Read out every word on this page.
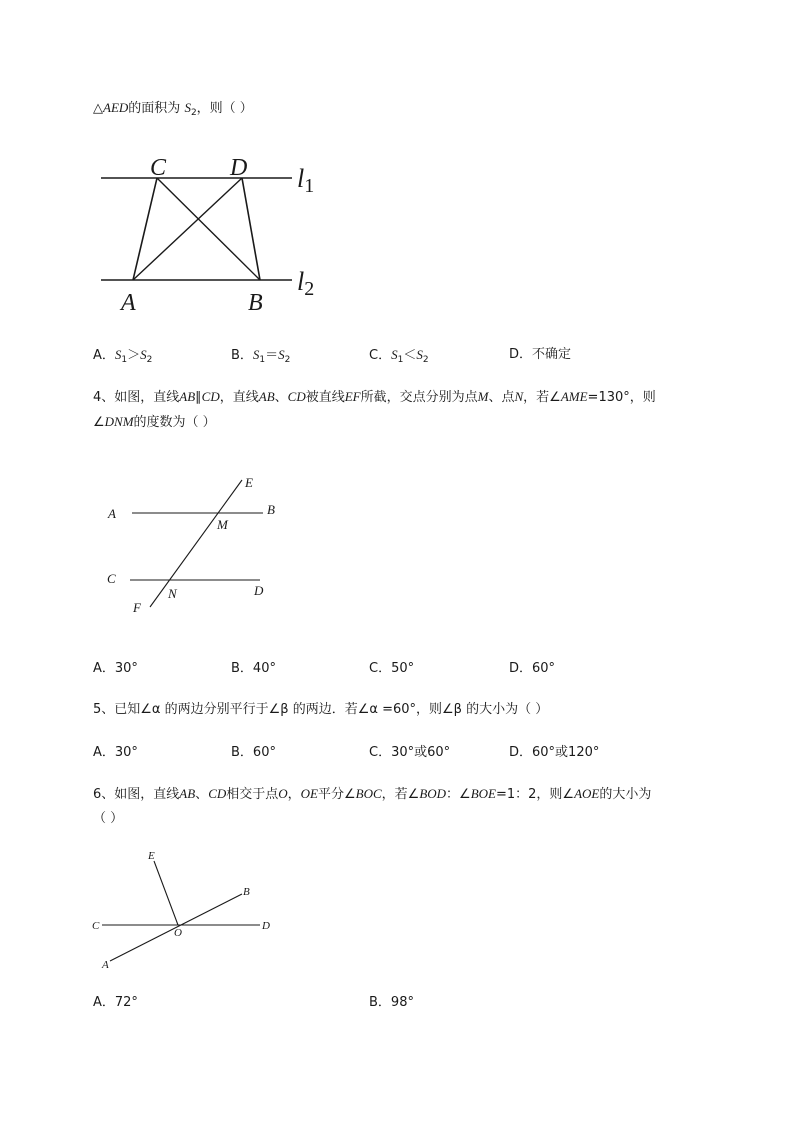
△AED的面积为 $S_2$，则（ ）
C	D
A	B
l1
l2
A．$S_1>S_2$	B．$S_1=S_2$	C．$S_1<S_2$	D．不确定
4、如图，直线AB∥CD，直线AB、CD被直线EF所截，交点分别为点M、点N，若∠AME=130°，则
∠DNM的度数为（ ）
E
A	B
M
C
N	D
F
A．30°	B．40°	C．50°	D．60°
5、已知∠α 的两边分别平行于∠β 的两边．若∠α =60°，则∠β 的大小为（ ）
A．30°	B．60°	C．30°或60°	D．60°或120°
6、如图，直线AB、CD相交于点O，OE平分∠BOC，若∠BOD：∠BOE=1：2，则∠AOE的大小为
（ ）
E
B
C
O
D
A
A．72°	B．98°
